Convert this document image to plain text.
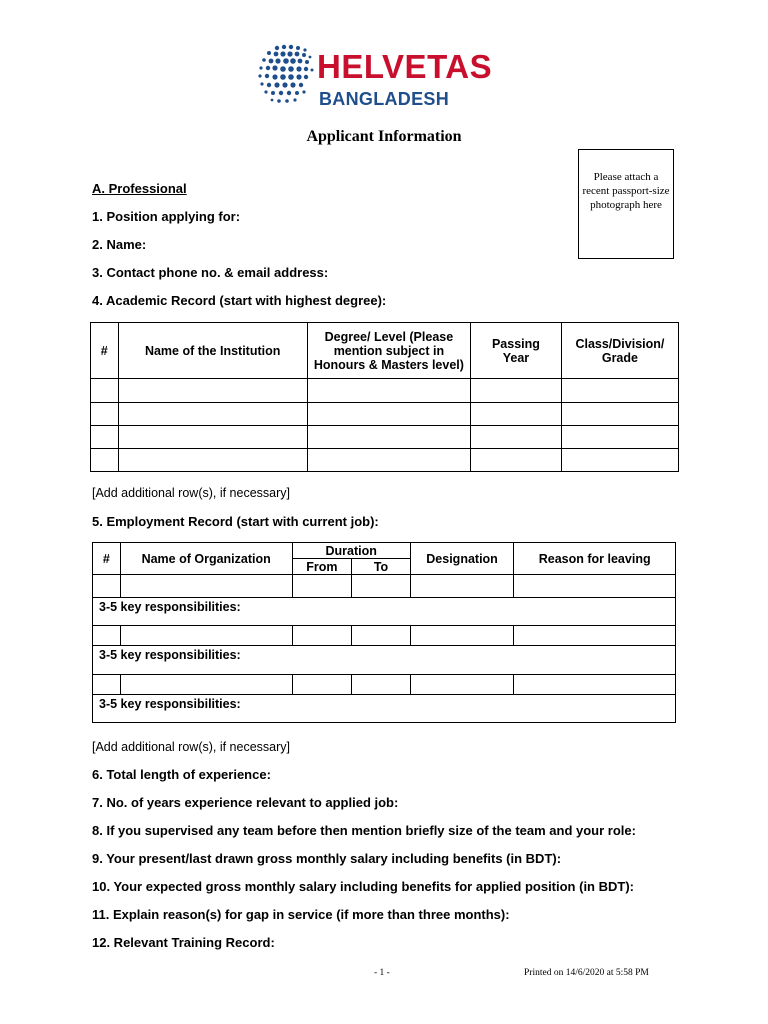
HELVETAS
BANGLADESH
Applicant Information
Please attach a recent passport-size photograph here
A. Professional
1. Position applying for:
2. Name:
3. Contact phone no. & email address:
4. Academic Record (start with highest degree):
#	Name of the Institution	Degree/ Level (Please mention subject in Honours & Masters level)	Passing Year	Class/Division/ Grade

[Add additional row(s), if necessary]
5. Employment Record (start with current job):
#	Name of Organization	Duration		Designation	Reason for leaving
		From	To		

3-5 key responsibilities:					

3-5 key responsibilities:					

3-5 key responsibilities:					
[Add additional row(s), if necessary]
6. Total length of experience:
7. No. of years experience relevant to applied job:
8. If you supervised any team before then mention briefly size of the team and your role:
9. Your present/last drawn gross monthly salary including benefits (in BDT):
10. Your expected gross monthly salary including benefits for applied position (in BDT):
11. Explain reason(s) for gap in service (if more than three months):
12. Relevant Training Record:
- 1 -	Printed on 14/6/2020 at 5:58 PM
